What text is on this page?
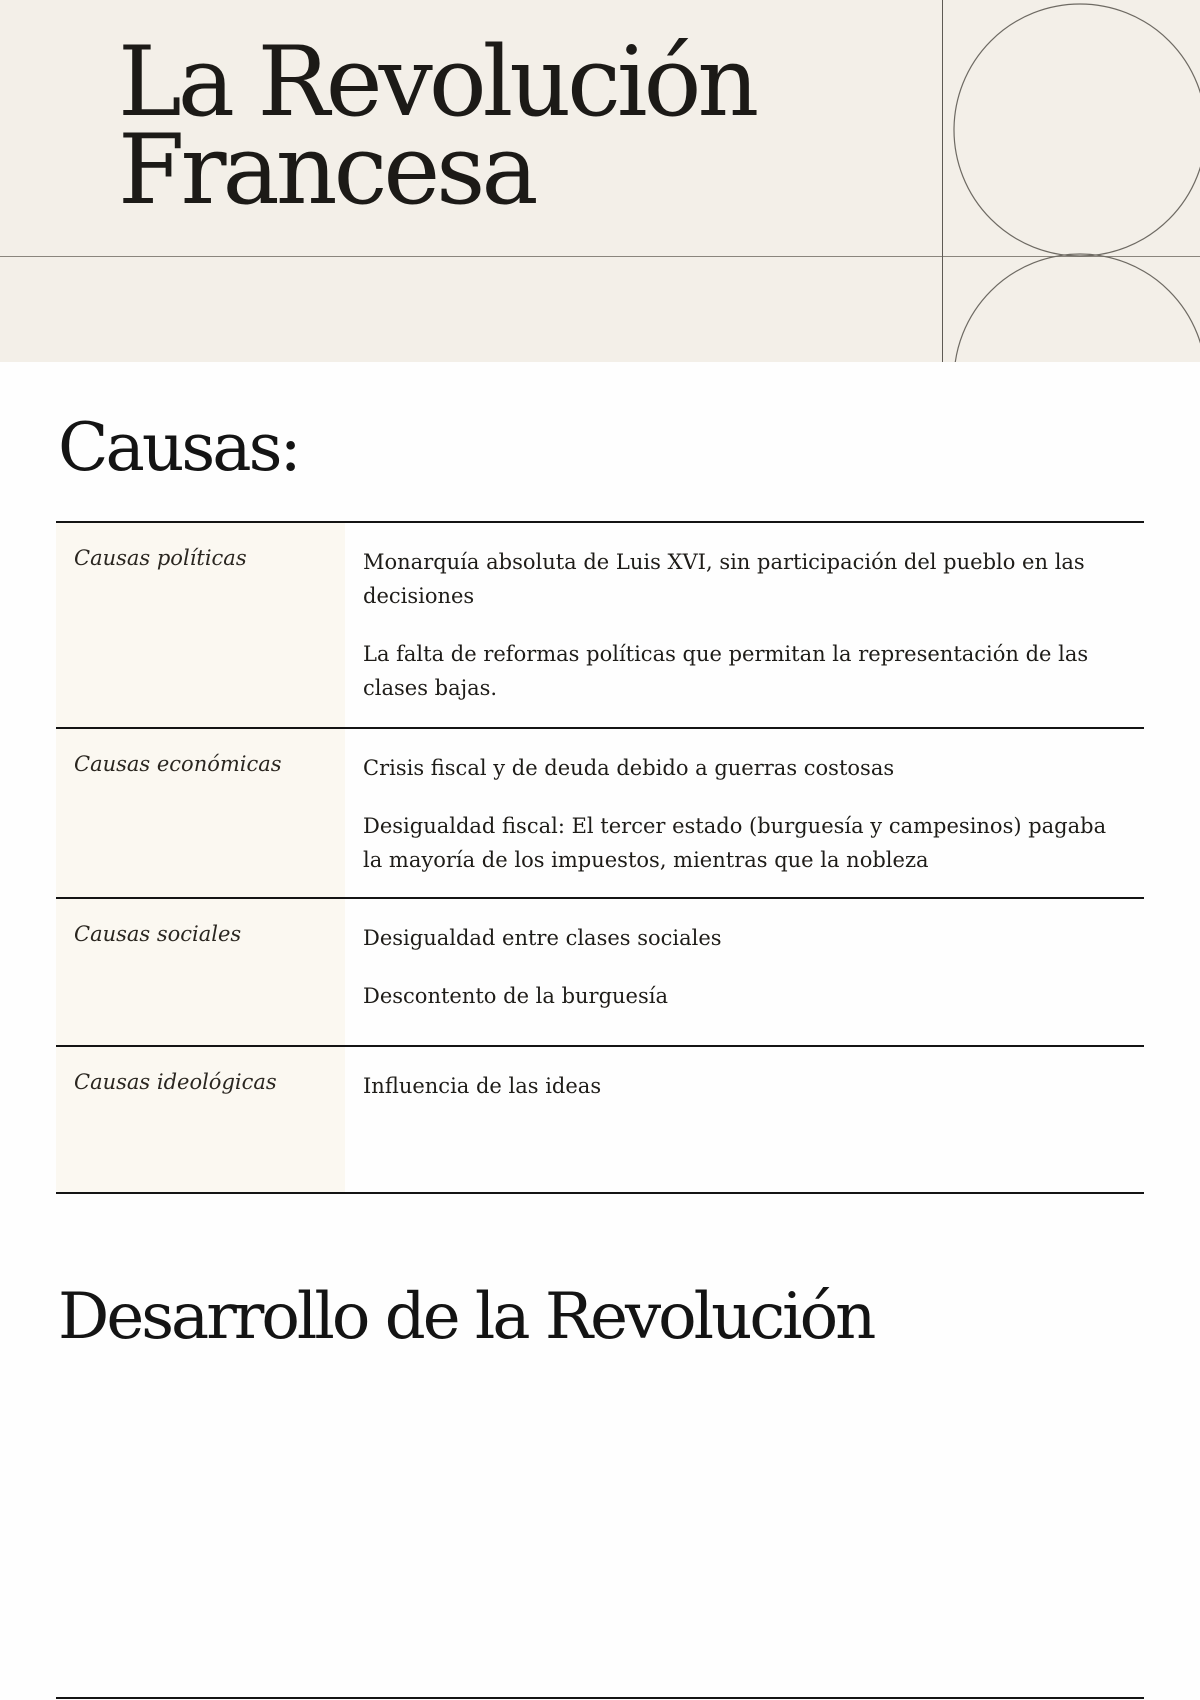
La Revolución
Francesa
Causas:
Causas políticas	Monarquía absoluta de Luis XVI, sin participación del pueblo en las decisiones

La falta de reformas políticas que permitan la representación de las clases bajas.

Causas económicas	Crisis fiscal y de deuda debido a guerras costosas

Desigualdad fiscal: El tercer estado (burguesía y campesinos) pagaba la mayoría de los impuestos, mientras que la nobleza

Causas sociales	Desigualdad entre clases sociales

Descontento de la burguesía

Causas ideológicas	Influencia de las ideas

Desarrollo de la Revolución
